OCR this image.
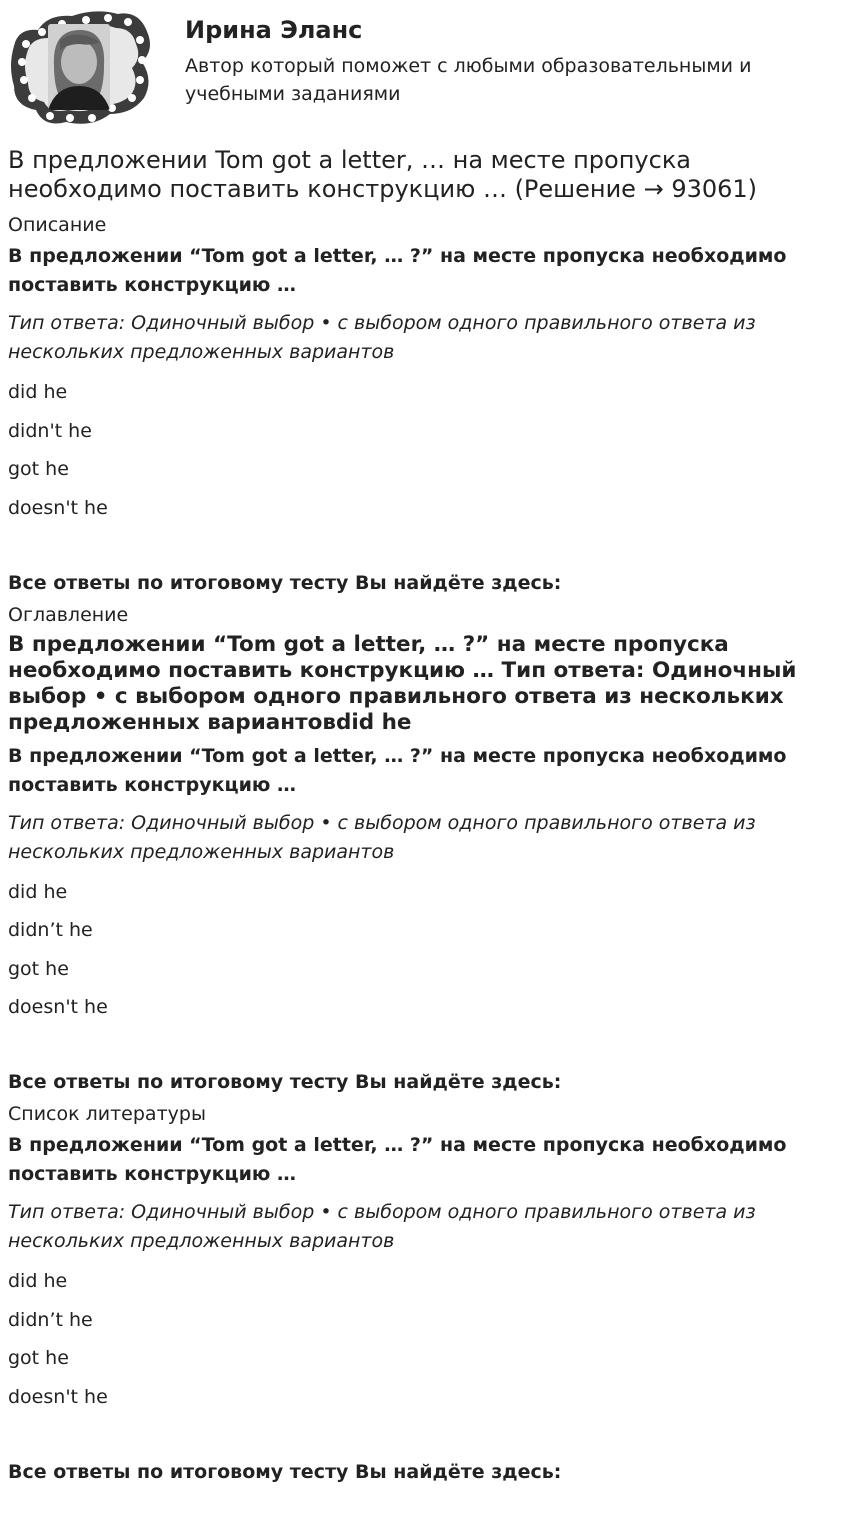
Ирина Эланс
Автор который поможет с любыми образовательными и учебными заданиями
В предложении Tom got a letter, … на месте пропуска необходимо поставить конструкцию … (Решение → 93061)
Описание
В предложении “Tom got a letter, … ?” на месте пропуска необходимо поставить конструкцию …
Тип ответа: Одиночный выбор • с выбором одного правильного ответа из нескольких предложенных вариантов
did he
didn't he
got he
doesn't he
Все ответы по итоговому тесту Вы найдёте здесь:
Оглавление
В предложении “Tom got a letter, … ?” на месте пропуска необходимо поставить конструкцию … Тип ответа: Одиночный выбор • с выбором одного правильного ответа из нескольких предложенных вариантовdid he
В предложении “Tom got a letter, … ?” на месте пропуска необходимо поставить конструкцию …
Тип ответа: Одиночный выбор • с выбором одного правильного ответа из нескольких предложенных вариантов
did he
didn’t he
got he
doesn't he
Все ответы по итоговому тесту Вы найдёте здесь:
Список литературы
В предложении “Tom got a letter, … ?” на месте пропуска необходимо поставить конструкцию …
Тип ответа: Одиночный выбор • с выбором одного правильного ответа из нескольких предложенных вариантов
did he
didn’t he
got he
doesn't he
Все ответы по итоговому тесту Вы найдёте здесь:
